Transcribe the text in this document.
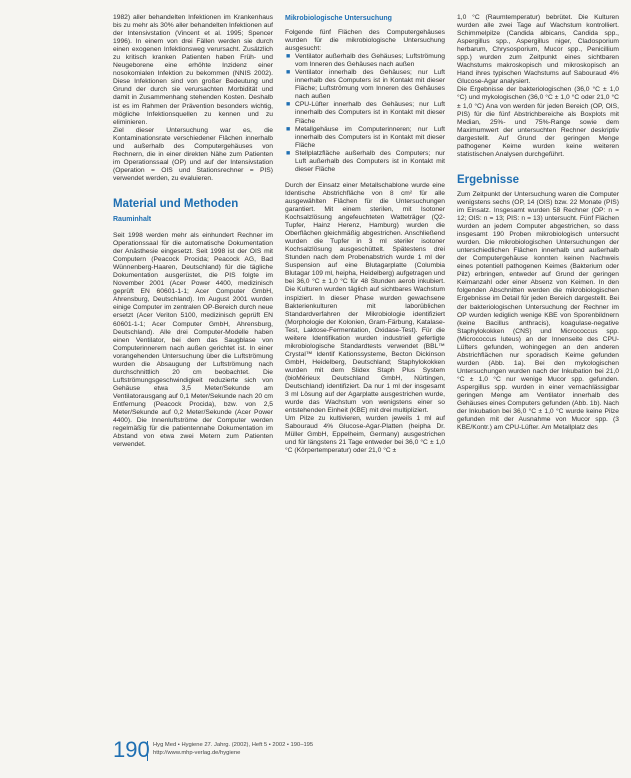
1982) aller behandelten Infektionen im Krankenhaus bis zu mehr als 30% aller behandelten Infektionen auf der Intensivstation (Vincent et al. 1995; Spencer 1996). In einem von drei Fällen werden sie durch einen exogenen Infektionsweg verursacht. Zusätzlich zu kritisch kranken Patienten haben Früh- und Neugeborene eine erhöhte Inzidenz einer nosokomialen Infektion zu bekommen (NNIS 2002). Diese Infektionen sind von großer Bedeutung und Grund der durch sie verursachten Morbidität und damit in Zusammenhang stehenden Kosten. Deshalb ist es im Rahmen der Prävention besonders wichtig, mögliche Infektionsquellen zu kennen und zu eliminieren.

Ziel dieser Untersuchung war es, die Kontaminationsrate verschiedener Flächen innerhalb und außerhalb des Computergehäuses von Rechnern, die in einer direkten Nähe zum Patienten im Operationssaal (OP) und auf der Intensivstation (Operation = OIS und Stationsrechner = PIS) verwendet werden, zu evaluieren.

Material und Methoden
Rauminhalt

Seit 1998 werden mehr als einhundert Rechner im Operationssaal für die automatische Dokumentation der Anästhesie eingesetzt. Seit 1998 ist der OIS mit Computern (Peacock Procida; Peacock AG, Bad Wünnenberg-Haaren, Deutschland) für die tägliche Dokumentation ausgerüstet, die PIS folgte im November 2001 (Acer Power 4400, medizinisch geprüft EN 60601-1-1; Acer Computer GmbH, Ahrensburg, Deutschland). Im August 2001 wurden einige Computer im zentralen OP-Bereich durch neue ersetzt (Acer Veriton 5100, medizinisch geprüft EN 60601-1-1; Acer Computer GmbH, Ahrensburg, Deutschland). Alle drei Computer-Modelle haben einen Ventilator, bei dem das Saugblase von Computerinnerem nach außen gerichtet ist. In einer vorangehenden Untersuchung über die Luftströmung wurden die Absaugung der Luftströmung nach durchschnittlich 20 cm beobachtet. Die Luftströmungsgeschwindigkeit reduzierte sich von Gehäuse etwa 3,5 Meter/Sekunde am Ventilatorausgang auf 0,1 Meter/Sekunde nach 20 cm Entfernung (Peacock Procida), bzw. von 2,5 Meter/Sekunde auf 0,2 Meter/Sekunde (Acer Power 4400). Die Innenluftströme der Computer werden regelmäßig für die patientennahe Dokumentation im Abstand von etwa zwei Metern zum Patienten verwendet.

Mikrobiologische Untersuchung

Folgende fünf Flächen des Computergehäuses wurden für die mikrobiologische Untersuchung ausgesucht:

■ Ventilator außerhalb des Gehäuses; Luftströmung vom Inneren des Gehäuses nach außen
■ Ventilator innerhalb des Gehäuses; nur Luft innerhalb des Computers ist in Kontakt mit dieser Fläche; Luftströmung vom Inneren des Gehäuses nach außen
■ CPU-Lüfter innerhalb des Gehäuses; nur Luft innerhalb des Computers ist in Kontakt mit dieser Fläche
■ Metallgehäuse im Computerinneren; nur Luft innerhalb des Computers ist in Kontakt mit dieser Fläche
■ Stellplatzfläche außerhalb des Computers; nur Luft außerhalb des Computers ist in Kontakt mit dieser Fläche

Durch der Einsatz einer Metallschablone wurde eine Identische Abstrichfläche von 8 cm² für alle ausgewählten Flächen für die Untersuchungen garantiert. Mit einem sterilen, mit Isotoner Kochsalzlösung angefeuchteten Watteträger (Q2-Tupfer, Hainz Herenz, Hamburg) wurden die Oberflächen gleichmäßig abgestrichen. Anschließend wurden die Tupfer in 3 ml steriler isotoner Kochsalzlösung ausgeschüttelt. Spätestens drei Stunden nach dem Probenabstrich wurde 1 ml der Suspension auf eine Blutagarplatte (Columbia Blutagar 109 ml, heipha, Heidelberg) aufgetragen und bei 36,0 °C ± 1,0 °C für 48 Stunden aerob inkubiert. Die Kulturen wurden täglich auf sichtbares Wachstum inspiziert. In dieser Phase wurden gewachsene Bakterienkulturen mit laborüblichen Standardverfahren der Mikrobiologie identifiziert (Morphologie der Kolonien, Gram-Färbung, Katalase-Test, Laktose-Fermentation, Oxidase-Test). Für die weitere Identifikation wurden industriell gefertigte mikrobiologische Standardtests verwendet (BBL™ Crystal™ Identif Kationssysteme, Becton Dickinson GmbH, Heidelberg, Deutschland; Staphylokokken wurden mit dem Slidex Staph Plus System (bioMérieux Deutschland GmbH, Nürtingen, Deutschland) identifiziert. Da nur 1 ml der insgesamt 3 ml Lösung auf der Agarplatte ausgestrichen wurde, wurde das Wachstum von wenigstens einer so entstehenden Einheit (KBE) mit drei multipliziert.

Um Pilze zu kultivieren, wurden jeweils 1 ml auf Sabouraud 4% Glucose-Agar-Platten (heipha Dr. Müller GmbH, Eppelheim, Germany) ausgestrichen und für längstens 21 Tage entweder bei 36,0 °C ± 1,0 °C (Körpertemperatur) oder 21,0 °C ±

1,0 °C (Raumtemperatur) bebrütet. Die Kulturen wurden alle zwei Tage auf Wachstum kontrolliert. Schimmelpilze (Candida albicans, Candida spp., Aspergillus spp., Aspergillus niger, Cladosporium herbarum, Chrysosporium, Mucor spp., Penicillium spp.) wurden zum Zeitpunkt eines sichtbaren Wachstums makroskopisch und mikroskopisch an Hand ihres typischen Wachstums auf Sabouraud 4% Glucose-Agar analysiert.

Die Ergebnisse der bakteriologischen (36,0 °C ± 1,0 °C) und mykologischen (36,0 °C ± 1,0 °C oder 21,0 °C ± 1,0 °C) Ana von werden für jeden Bereich (OP, OIS, PIS) für die fünf Abstrichbereiche als Boxplots mit Median, 25%- und 75%-Range sowie dem Maximumwert der untersuchten Rechner deskriptiv dargestellt. Auf Grund der geringen Menge pathogener Keime wurden keine weiteren statistischen Analysen durchgeführt.

Ergebnisse

Zum Zeitpunkt der Untersuchung waren die Computer wenigstens sechs (OP, 14 (OIS) bzw. 22 Monate (PIS) im Einsatz. Insgesamt wurden 58 Rechner (OP: n = 12; OIS: n = 13; PIS: n = 13) untersucht. Fünf Flächen wurden an jedem Computer abgestrichen, so dass insgesamt 190 Proben mikrobiologisch untersucht wurden. Die mikrobiologischen Untersuchungen der unterschiedlichen Flächen innerhalb und außerhalb der Computergehäuse konnten keinen Nachweis eines potentiell pathogenen Keimes (Bakterium oder Pilz) erbringen, entweder auf Grund der geringen Keimanzahl oder einer Absenz von Keimen. In den folgenden Abschnitten werden die mikrobiologischen Ergebnisse im Detail für jeden Bereich dargestellt. Bei der bakteriologischen Untersuchung der Rechner im OP wurden lediglich wenige KBE von Sporenbildnern (keine Bacillus anthracis), koagulase-negative Staphylokokken (CNS) und Micrococcus spp. (Micrococcus luteus) an der Innenseite des CPU-Lüfters gefunden, wohingegen an den anderen Abstrichflächen nur sporadisch Keime gefunden wurden (Abb. 1a). Bei den mykologischen Untersuchungen wurden nach der Inkubation bei 21,0 °C ± 1,0 °C nur wenige Mucor spp. gefunden. Aspergillus spp. wurden in einer vernachlässigbar geringen Menge am Ventilator innerhalb des Gehäuses eines Computers gefunden (Abb. 1b). Nach der Inkubation bei 36,0 °C ± 1,0 °C wurde keine Pilze gefunden mit der Ausnahme von Mucor spp. (3 KBE/Kontr.) am CPU-Lüfter. Am Metallplatz des

190 Hyg Med • Hygiene 27. Jahrg. (2002), Heft 5 • 2002 • 190–195
http://www.mhp-verlag.de/hygiene
